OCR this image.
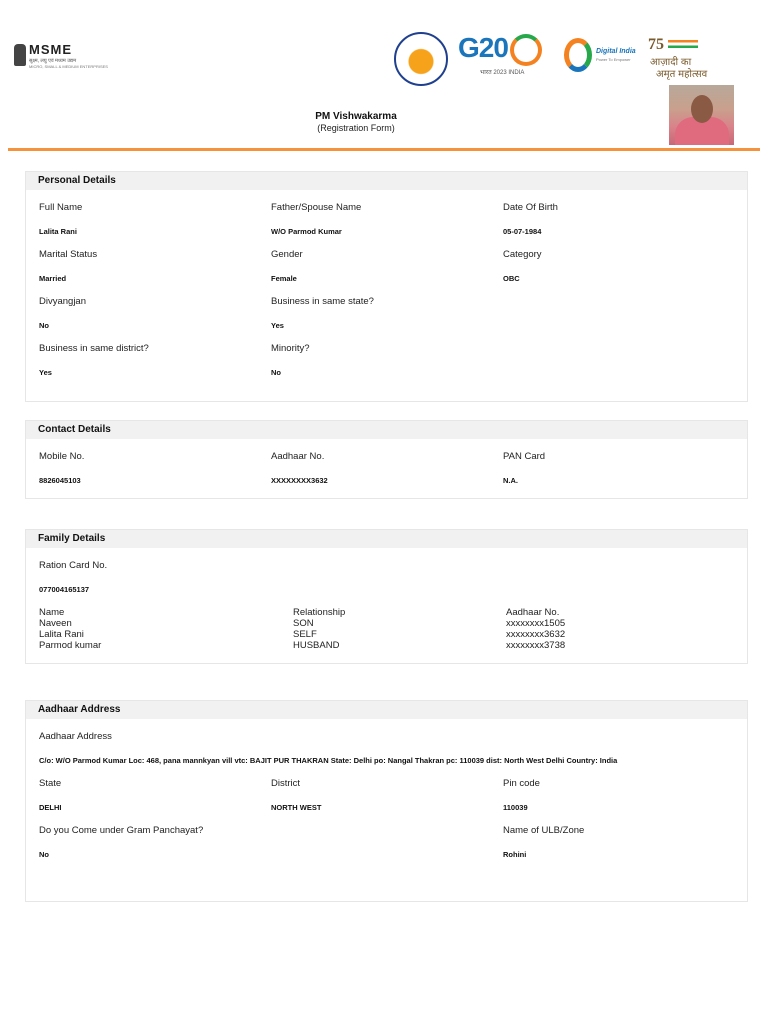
MSME
सूक्ष्म, लघु एवं मध्यम उद्यम
MICRO, SMALL & MEDIUM ENTERPRISES
G20
भारत 2023 INDIA
Digital India
Power To Empower
75
आज़ादी का
अमृत महोत्सव
PM Vishwakarma
(Registration Form)
Personal Details
Full Name
Lalita Rani
Father/Spouse Name
W/O Parmod Kumar
Date Of Birth
05-07-1984
Marital Status
Married
Gender
Female
Category
OBC
Divyangjan
No
Business in same state?
Yes
Business in same district?
Yes
Minority?
No
Contact Details
Mobile No.
8826045103
Aadhaar No.
XXXXXXXX3632
PAN Card
N.A.
Family Details
Ration Card No.
077004165137
Name	Relationship	Aadhaar No.
Naveen	SON	xxxxxxxx1505
Lalita Rani	SELF	xxxxxxxx3632
Parmod kumar	HUSBAND	xxxxxxxx3738
Aadhaar Address
Aadhaar Address
C/o: W/O Parmod Kumar Loc: 468, pana mannkyan vill vtc: BAJIT PUR THAKRAN State: Delhi po: Nangal Thakran pc: 110039 dist: North West Delhi Country: India
State
DELHI
District
NORTH WEST
Pin code
110039
Do you Come under Gram Panchayat?
No
Name of ULB/Zone
Rohini
